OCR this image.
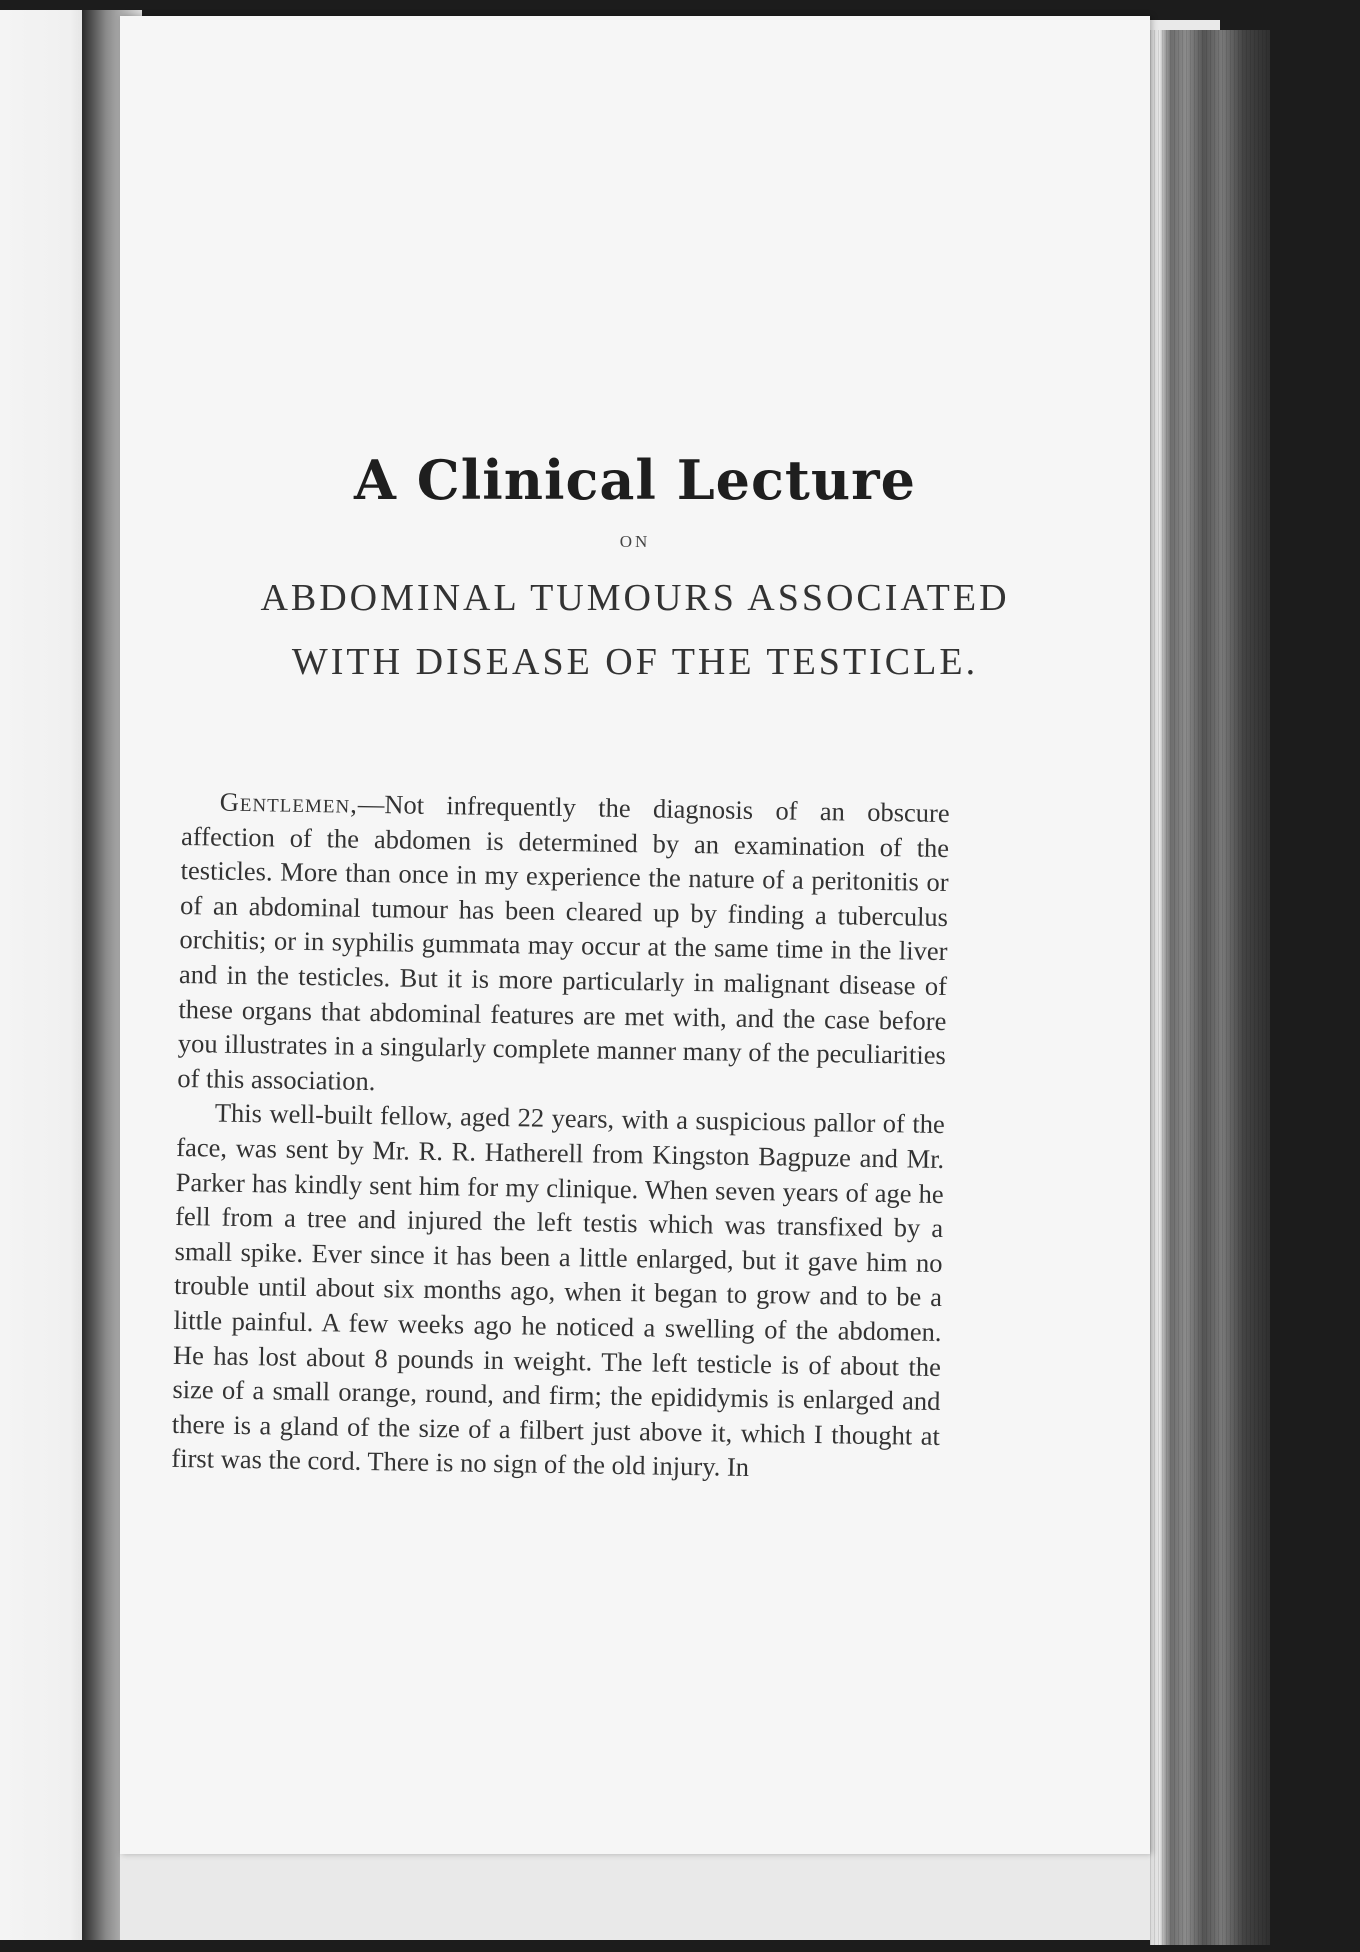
A Clinical Lecture
ON
ABDOMINAL TUMOURS ASSOCIATED
WITH DISEASE OF THE TESTICLE.

Gentlemen,—Not infrequently the diagnosis of an obscure affection of the abdomen is determined by an examination of the testicles. More than once in my experience the nature of a peritonitis or of an abdominal tumour has been cleared up by finding a tuberculus orchitis; or in syphilis gummata may occur at the same time in the liver and in the testicles. But it is more particularly in malignant disease of these organs that abdominal features are met with, and the case before you illustrates in a singularly complete manner many of the peculiarities of this association.

This well-built fellow, aged 22 years, with a suspicious pallor of the face, was sent by Mr. R. R. Hatherell from Kingston Bagpuze and Mr. Parker has kindly sent him for my clinique. When seven years of age he fell from a tree and injured the left testis which was transfixed by a small spike. Ever since it has been a little enlarged, but it gave him no trouble until about six months ago, when it began to grow and to be a little painful. A few weeks ago he noticed a swelling of the abdomen. He has lost about 8 pounds in weight. The left testicle is of about the size of a small orange, round, and firm; the epididymis is enlarged and there is a gland of the size of a filbert just above it, which I thought at first was the cord. There is no sign of the old injury. In
